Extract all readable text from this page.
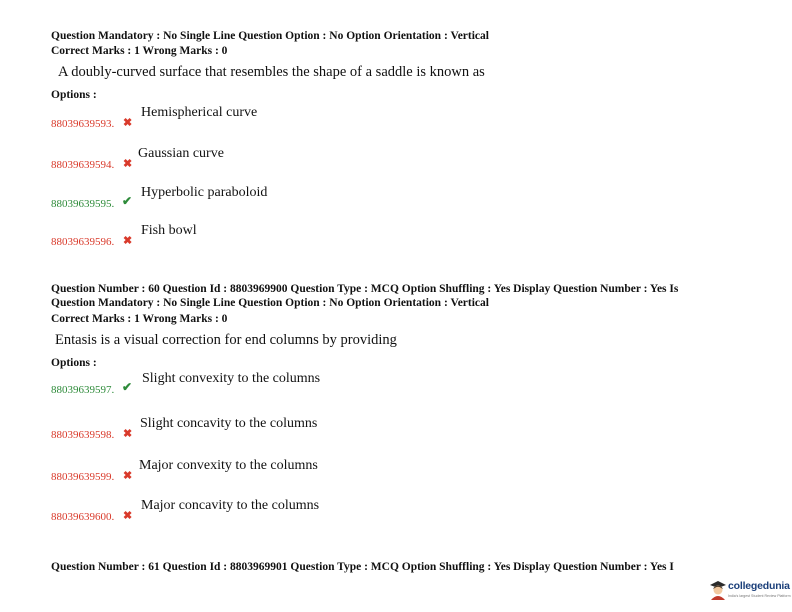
Question Mandatory : No Single Line Question Option : No Option Orientation : Vertical
Correct Marks : 1 Wrong Marks : 0
A doubly-curved surface that resembles the shape of a saddle is known as
Options :
88039639593. ✖
Hemispherical curve
88039639594. ✖
Gaussian curve
88039639595. ✔
Hyperbolic paraboloid
88039639596. ✖
Fish bowl
Question Number : 60 Question Id : 8803969900 Question Type : MCQ Option Shuffling : Yes Display Question Number : Yes Is
Question Mandatory : No Single Line Question Option : No Option Orientation : Vertical
Correct Marks : 1 Wrong Marks : 0
Entasis is a visual correction for end columns by providing
Options :
88039639597. ✔
Slight convexity to the columns
88039639598. ✖
Slight concavity to the columns
88039639599. ✖
Major convexity to the columns
88039639600. ✖
Major concavity to the columns
Question Number : 61 Question Id : 8803969901 Question Type : MCQ Option Shuffling : Yes Display Question Number : Yes I
collegedunia
India's largest Student Review Platform
